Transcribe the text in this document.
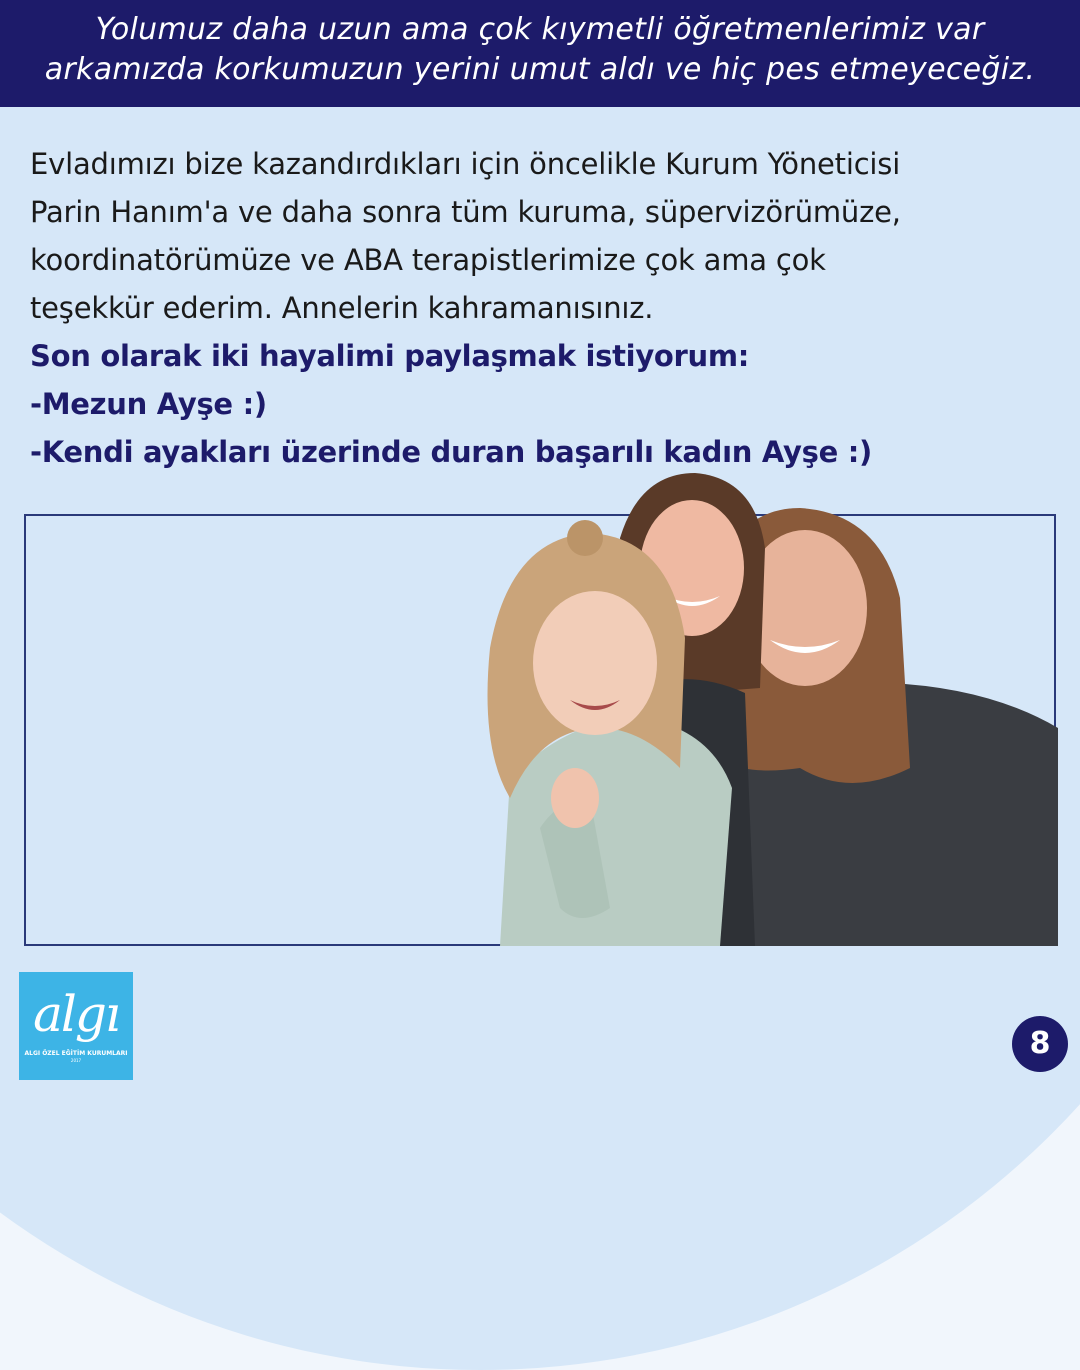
Yolumuz daha uzun ama çok kıymetli öğretmenlerimiz var
arkamızda korkumuzun yerini umut aldı ve hiç pes etmeyeceğiz.
Evladımızı bize kazandırdıkları için öncelikle Kurum Yöneticisi
Parin Hanım'a ve daha sonra tüm kuruma, süpervizörümüze,
koordinatörümüze ve ABA terapistlerimize çok ama çok
teşekkür ederim. Annelerin kahramanısınız.
Son olarak iki hayalimi paylaşmak istiyorum:
-Mezun Ayşe :)
-Kendi ayakları üzerinde duran başarılı kadın Ayşe :)
algı
ALGI ÖZEL EĞİTİM KURUMLARI
2017	8
